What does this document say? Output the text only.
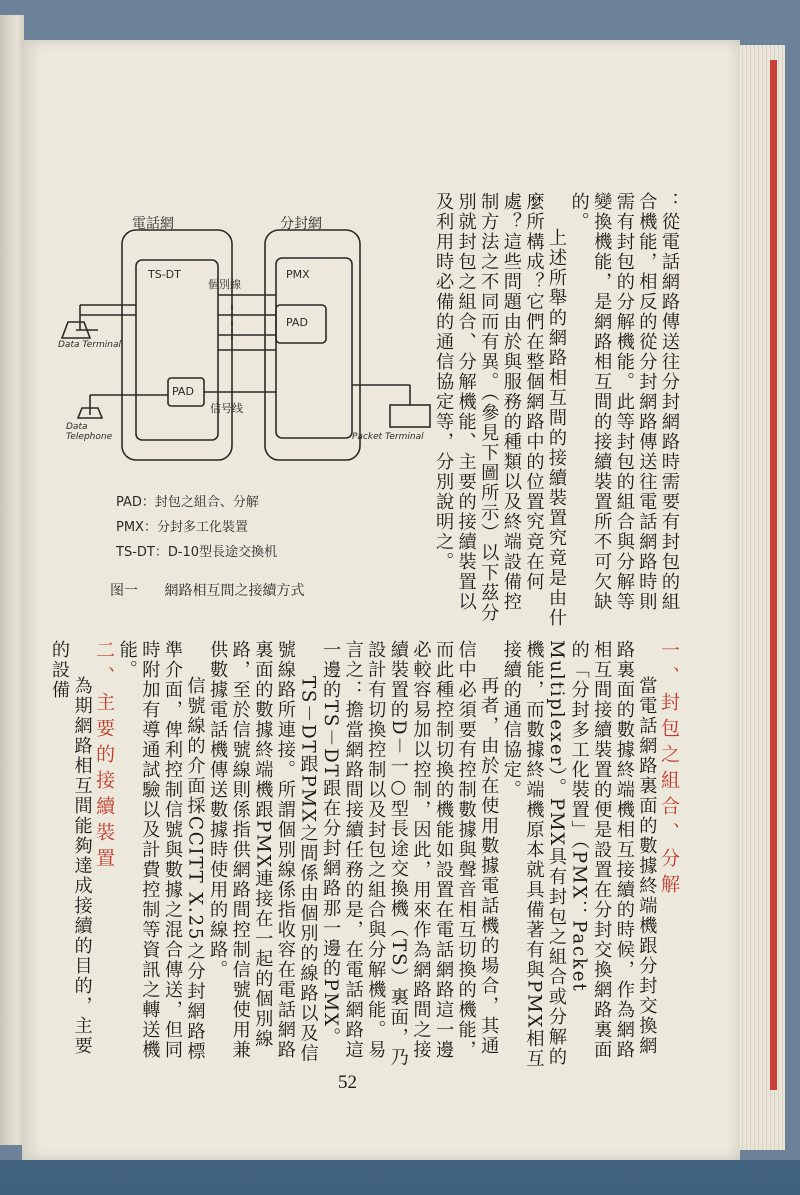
：從電話網路傳送往分封網路時需要有封包的組合機能，相反的從分封網路傳送往電話網路時則需有封包的分解機能。此等封包的組合與分解等變換機能，是網路相互間的接續裝置所不可欠缺的。

上述所舉的網路相互間的接續裝置究竟是由什麼所構成？它們在整個網路中的位置究竟在何處？這些問題由於與服務的種類以及終端設備控制方法之不同而有異。（參見下圖所示）以下茲分別就封包之組合、分解機能、主要的接續裝置以及利用時必備的通信協定等，分別說明之。

電話網	分封網
TS-DT	PMX
PAD
PAD
個別線
信号线
Data Terminal
Data Telephone	Packet Terminal
PAD：封包之組合、分解
PMX：分封多工化裝置
TS-DT：D-10型長途交換机
图一 網路相互間之接續方式

一、封包之組合、分解

當電話網路裏面的數據終端機跟分封交換網路裏面的數據終端機相互接續的時候，作為網路相互間接續裝置的便是設置在分封交換網路裏面的「分封多工化裝置」（PMX：Packet Multiplexer）。PMX具有封包之組合或分解的機能，而數據終端機原本就具備著有與PMX相互接續的通信協定。

再者，由於在使用數據電話機的場合，其通信中必須要有控制數據與聲音相互切換的機能，而此種控制切換的機能如設置在電話網路這一邊必較容易加以控制，因此，用來作為網路間之接續裝置的D－一○型長途交換機（TS）裏面，乃設計有切換控制以及封包之組合與分解機能。易言之：擔當網路間接續任務的是，在電話網路這一邊的TS－DT跟在分封網路那一邊的PMX。

TS－DT跟PMX之間係由個別的線路以及信號線路所連接。所謂個別線係指收容在電話網路裏面的數據終端機跟PMX連接在一起的個別線路，至於信號線則係指供網路間控制信號使用兼供數據電話機傳送數據時使用的線路。

信號線的介面採CCITT X.25之分封網路標準介面，俾利控制信號與數據之混合傳送，但同時附加有導通試驗以及計費控制等資訊之轉送機能。

二、主要的接續裝置

為期網路相互間能夠達成接續的目的，主要的設備

52
